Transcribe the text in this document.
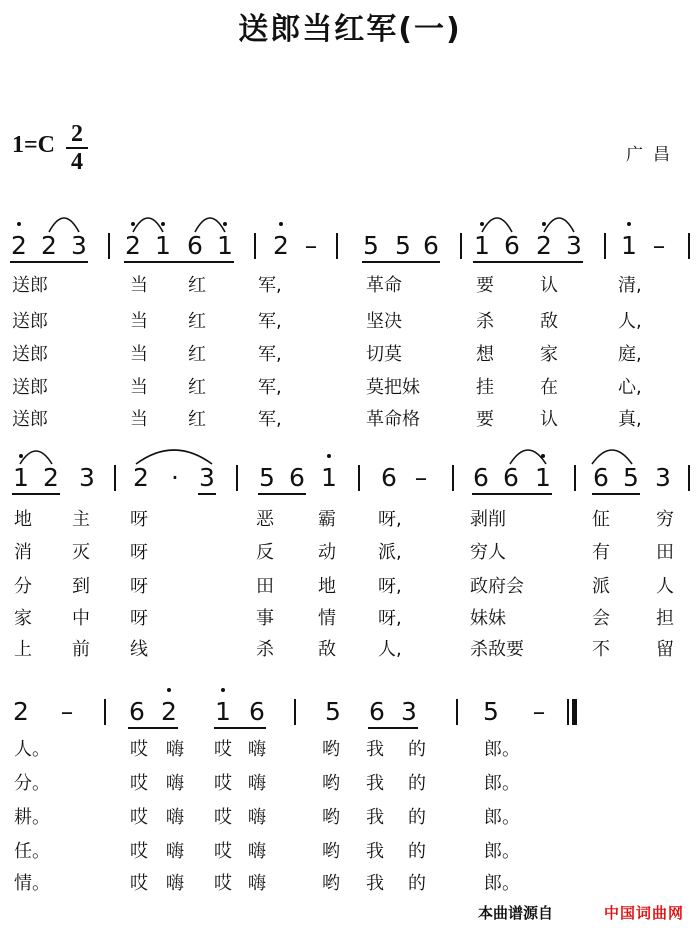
送郎当红军(一)
1=C 2
4	广昌
2 2 3 2 1 6 1 2 – 5 5 6 1 6 2 3 1 –
送郎	当 红	军,	革命	要	认	清,
送郎	当 红	军,	坚决	杀	敌	人,
送郎	当 红	军,	切莫	想	家	庭,
送郎	当 红	军,	莫把妹	挂	在	心,
送郎	当 红	军,	革命格	要	认	真,
1 2 3 2 · 3 5 6 1 6 – 6 6 1 6 5 3
地 主 呀	恶 霸 呀,	剥削	佂	穷
消 灭 呀	反 动 派,	穷人	有	田
分 到 呀	田 地 呀,	政府会	派	人
家 中 呀	事 情 呀,	妹妹	会	担
上 前 线	杀 敌 人,	杀敌要	不	留
2 – 6 2 1 6 5 6 3	5 –
人。	哎 嗨 哎 嗨	哟 我 的	郎。
分。	哎 嗨 哎 嗨	哟 我 的	郎。
耕。	哎 嗨 哎 嗨	哟 我 的	郎。
任。	哎 嗨 哎 嗨	哟 我 的	郎。
情。	哎 嗨 哎 嗨	哟 我 的	郎。
本曲谱源自	中国词曲网
